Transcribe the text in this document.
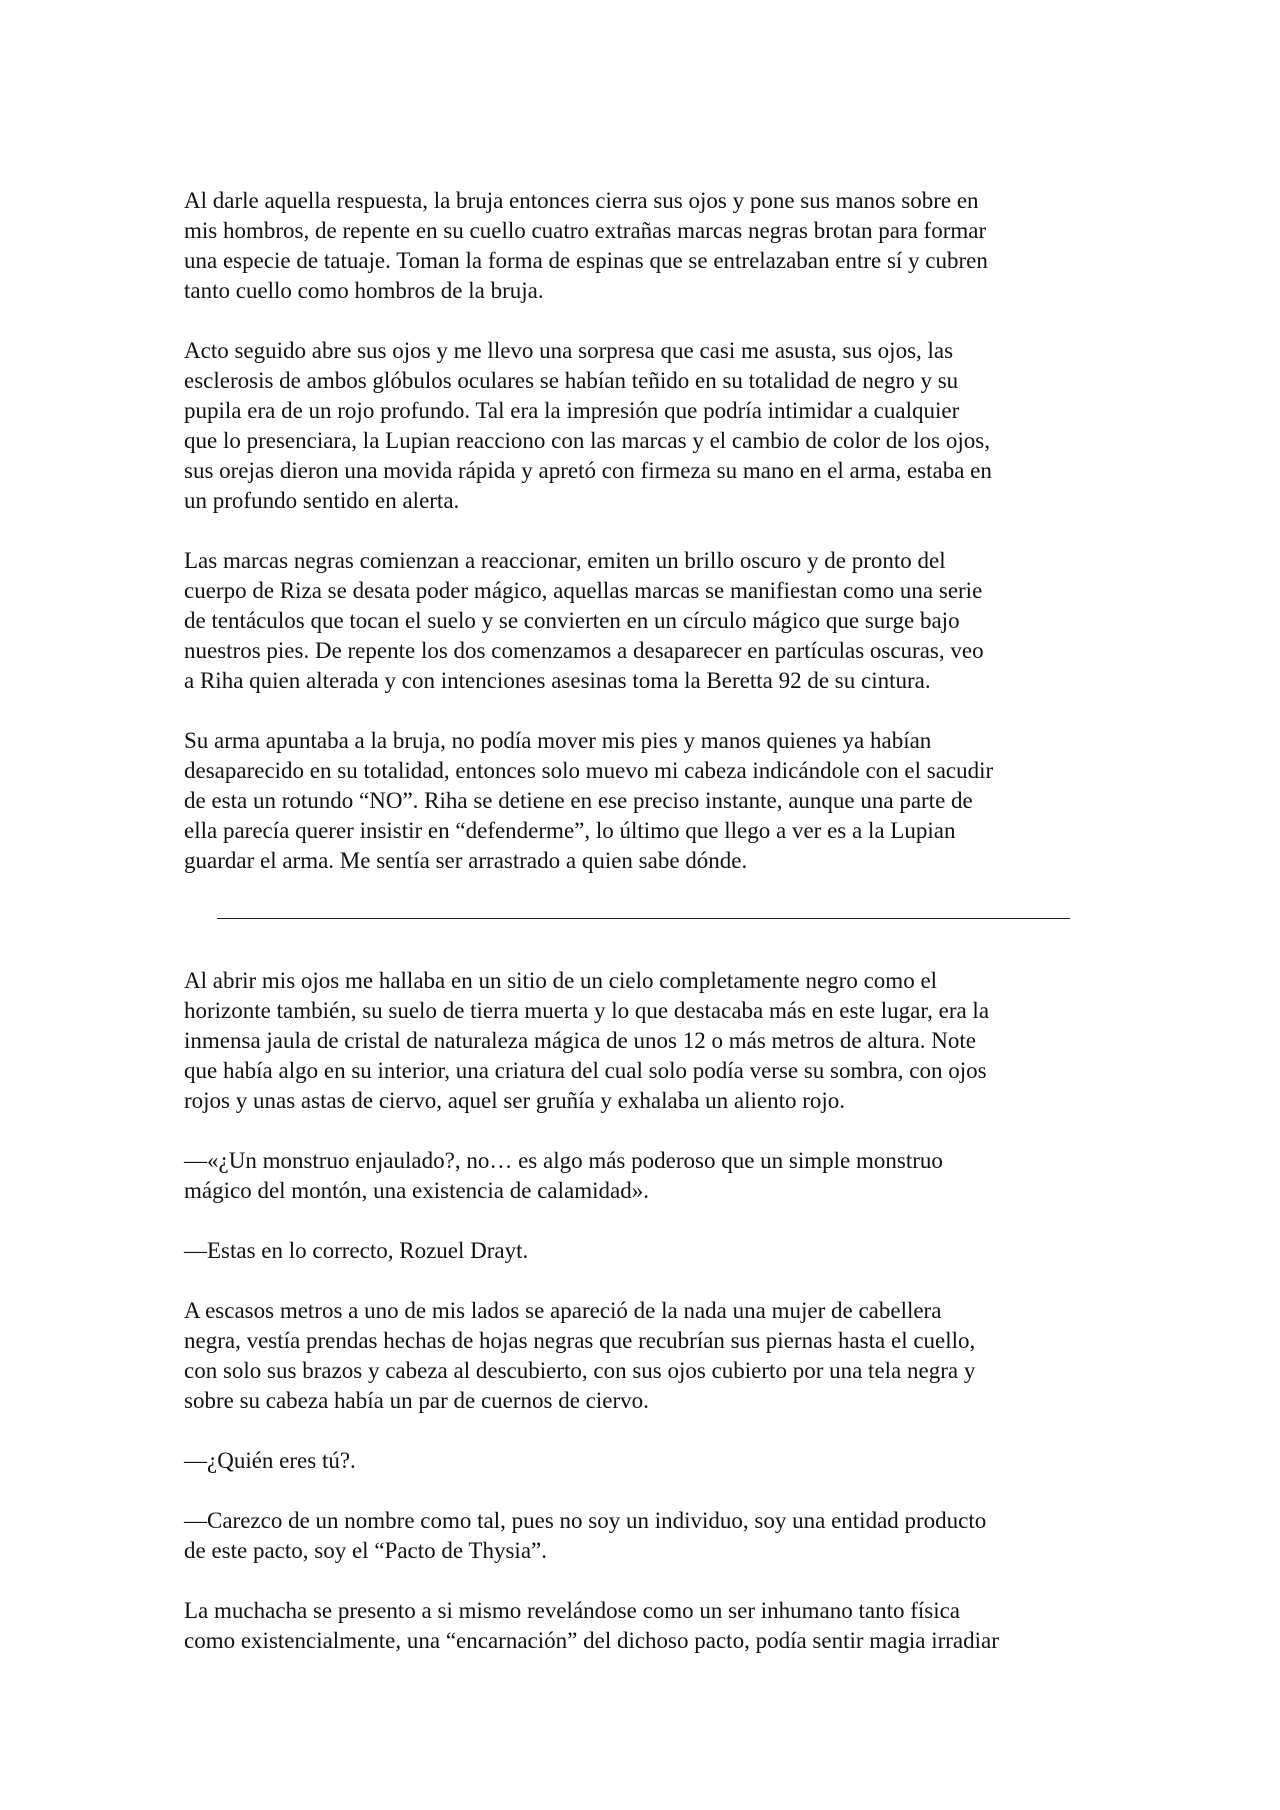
Al darle aquella respuesta, la bruja entonces cierra sus ojos y pone sus manos sobre en
mis hombros, de repente en su cuello cuatro extrañas marcas negras brotan para formar
una especie de tatuaje. Toman la forma de espinas que se entrelazaban entre sí y cubren
tanto cuello como hombros de la bruja.

Acto seguido abre sus ojos y me llevo una sorpresa que casi me asusta, sus ojos, las
esclerosis de ambos glóbulos oculares se habían teñido en su totalidad de negro y su
pupila era de un rojo profundo. Tal era la impresión que podría intimidar a cualquier
que lo presenciara, la Lupian reacciono con las marcas y el cambio de color de los ojos,
sus orejas dieron una movida rápida y apretó con firmeza su mano en el arma, estaba en
un profundo sentido en alerta.

Las marcas negras comienzan a reaccionar, emiten un brillo oscuro y de pronto del
cuerpo de Riza se desata poder mágico, aquellas marcas se manifiestan como una serie
de tentáculos que tocan el suelo y se convierten en un círculo mágico que surge bajo
nuestros pies. De repente los dos comenzamos a desaparecer en partículas oscuras, veo
a Riha quien alterada y con intenciones asesinas toma la Beretta 92 de su cintura.

Su arma apuntaba a la bruja, no podía mover mis pies y manos quienes ya habían
desaparecido en su totalidad, entonces solo muevo mi cabeza indicándole con el sacudir
de esta un rotundo “NO”. Riha se detiene en ese preciso instante, aunque una parte de
ella parecía querer insistir en “defenderme”, lo último que llego a ver es a la Lupian
guardar el arma. Me sentía ser arrastrado a quien sabe dónde.

Al abrir mis ojos me hallaba en un sitio de un cielo completamente negro como el
horizonte también, su suelo de tierra muerta y lo que destacaba más en este lugar, era la
inmensa jaula de cristal de naturaleza mágica de unos 12 o más metros de altura. Note
que había algo en su interior, una criatura del cual solo podía verse su sombra, con ojos
rojos y unas astas de ciervo, aquel ser gruñía y exhalaba un aliento rojo.

—«¿Un monstruo enjaulado?, no… es algo más poderoso que un simple monstruo
mágico del montón, una existencia de calamidad».

—Estas en lo correcto, Rozuel Drayt.

A escasos metros a uno de mis lados se apareció de la nada una mujer de cabellera
negra, vestía prendas hechas de hojas negras que recubrían sus piernas hasta el cuello,
con solo sus brazos y cabeza al descubierto, con sus ojos cubierto por una tela negra y
sobre su cabeza había un par de cuernos de ciervo.

—¿Quién eres tú?.

—Carezco de un nombre como tal, pues no soy un individuo, soy una entidad producto
de este pacto, soy el “Pacto de Thysia”.

La muchacha se presento a si mismo revelándose como un ser inhumano tanto física
como existencialmente, una “encarnación” del dichoso pacto, podía sentir magia irradiar
